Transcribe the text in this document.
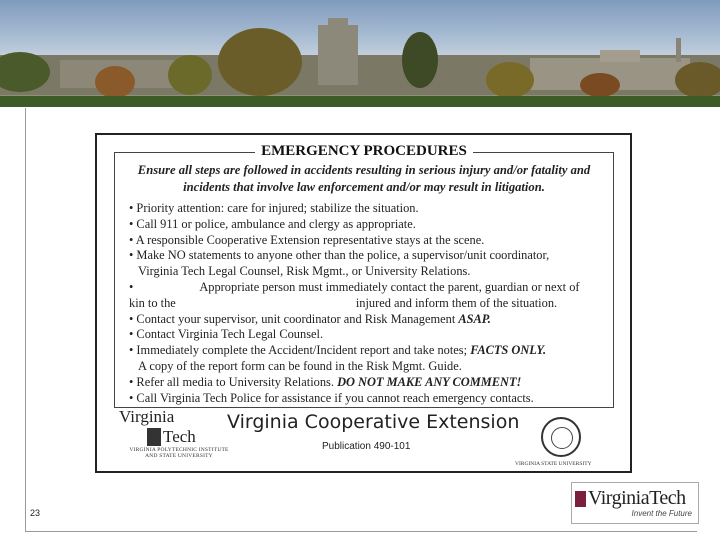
23
EMERGENCY PROCEDURES
Ensure all steps are followed in accidents resulting in serious injury and/or fatality and
incidents that involve law enforcement and/or may result in litigation.
• Priority attention: care for injured; stabilize the situation.
• Call 911 or police, ambulance and clergy as appropriate.
• A responsible Cooperative Extension representative stays at the scene.
• Make NO statements to anyone other than the police, a supervisor/unit coordinator,
Virginia Tech Legal Counsel, Risk Mgmt., or University Relations.
•	Appropriate person must immediately contact the parent, guardian or next of
kin to the	injured and inform them of the situation.
• Contact your supervisor, unit coordinator and Risk Management ASAP.
• Contact Virginia Tech Legal Counsel.
• Immediately complete the Accident/Incident report and take notes; FACTS ONLY.
A copy of the report form can be found in the Risk Mgmt. Guide.
• Refer all media to University Relations. DO NOT MAKE ANY COMMENT!
• Call Virginia Tech Police for assistance if you cannot reach emergency contacts.
Virginia
Tech
VIRGINIA POLYTECHNIC INSTITUTE
AND STATE UNIVERSITY
Virginia Cooperative Extension
Publication 490-101
VIRGINIA STATE UNIVERSITY
VirginiaTech
Invent the Future
